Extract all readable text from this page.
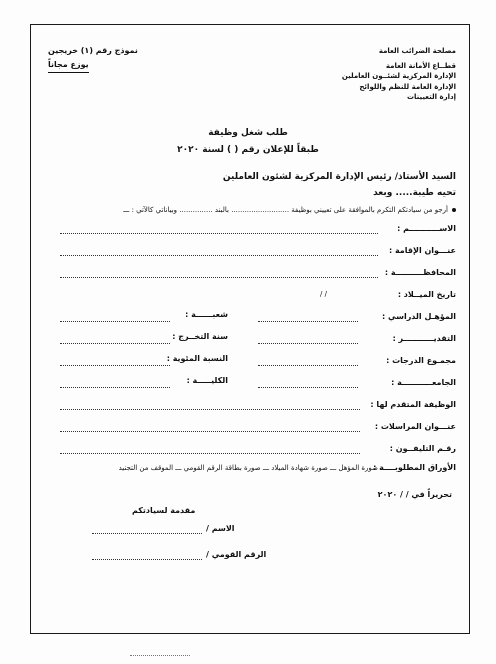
مصلحة الضرائب العامة
قطــاع الأمانة العامة
الإدارة المركزية لشئــون العاملين
الإدارة العامة للنظم واللوائح
إدارة التعيينات
نموذج رقم (١) خريجين
يوزع مجاناً
طلب شغل وظيفة
طبقاً للإعلان رقم ( ) لسنة ٢٠٢٠
السيد الأستاذ/ رئيس الإدارة المركزية لشئون العاملين
تحيه طيبة..... وبعد
أرجو من سيادتكم التكرم بالموافقة على تعييني بوظيفة .......................... بالبند ............... وبياناتي كالآتي : ـــ
الاســـــــــــم :
عنـــوان الإقامة :
المحافظــــــــــة :
تاريخ الميــلاد :
/ /
المؤهـل الدراسي :
شعبــــــة :
التقديـــــــــــر :
سنة التخــرج :
مجمـوع الدرجات :
النسبة المئوية :
الجامعـــــــــــة :
الكليـــــة :
الوظيفة المتقدم لها :
عنـــوان المراسلات :
رقـم التليفــون :
الأوراق المطلوبــــة :
صورة المؤهل ـــ صورة شهادة الميلاد ـــ صورة بطاقة الرقم القومي ـــ الموقف من التجنيد
تحريراً في / / ٢٠٢٠
مقدمة لسيادتكم
الاسم /
الرقم القومي /
